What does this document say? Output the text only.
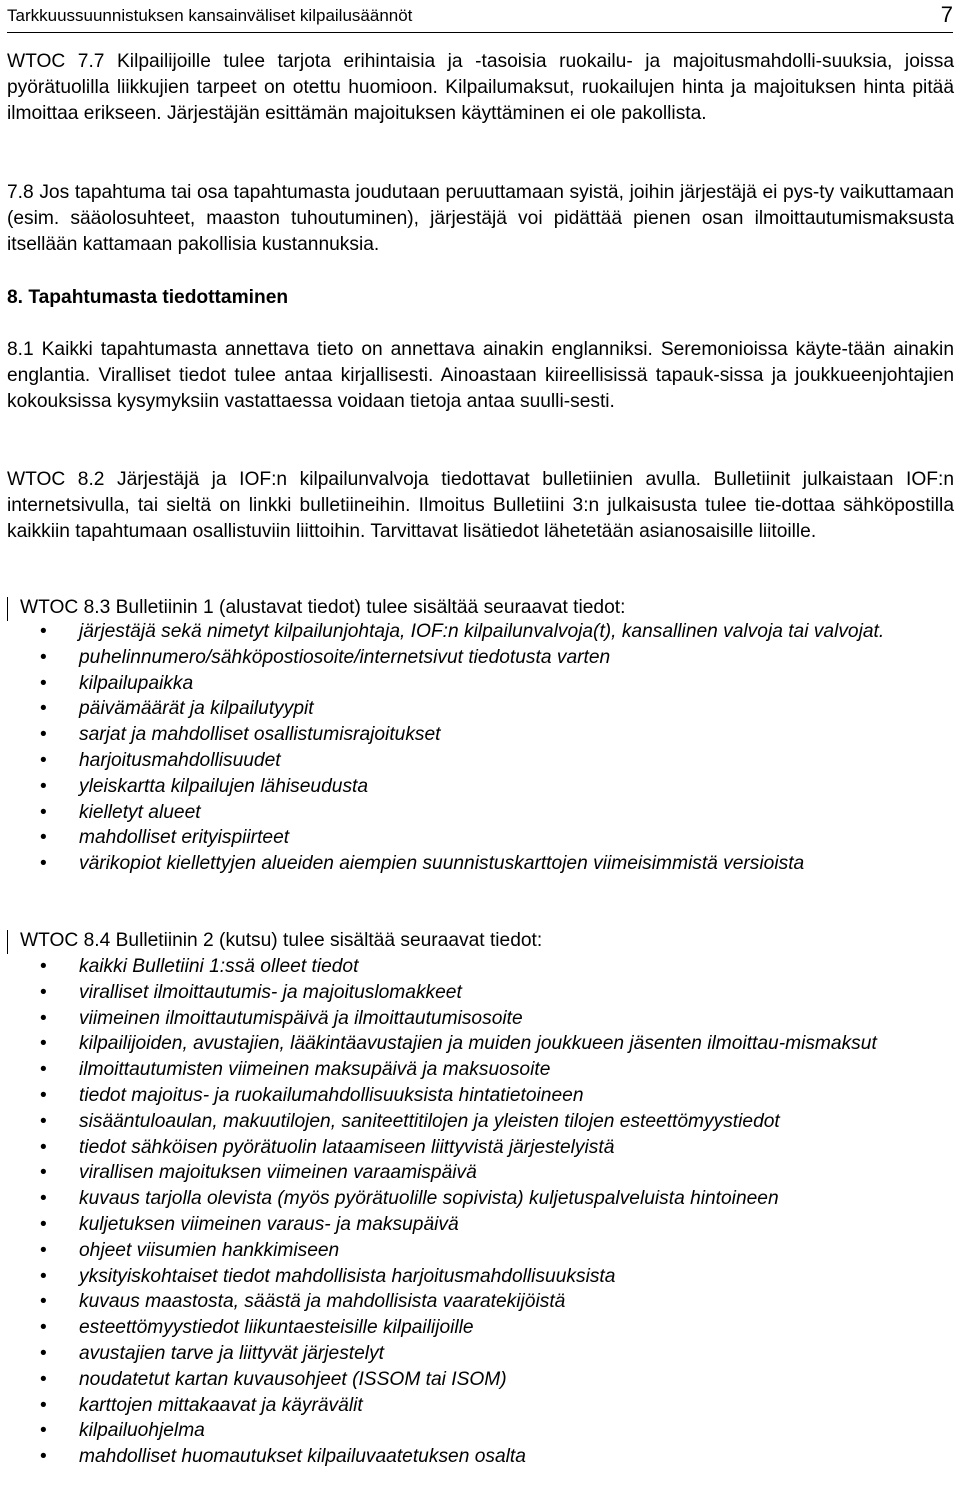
Tarkkuussuunnistuksen kansainväliset kilpailusäännöt	7

WTOC 7.7 Kilpailijoille tulee tarjota erihintaisia ja -tasoisia ruokailu- ja majoitusmahdolli-suuksia, joissa pyörätuolilla liikkujien tarpeet on otettu huomioon. Kilpailumaksut, ruokailujen hinta ja majoituksen hinta pitää ilmoittaa erikseen. Järjestäjän esittämän majoituksen käyttäminen ei ole pakollista.

7.8 Jos tapahtuma tai osa tapahtumasta joudutaan peruuttamaan syistä, joihin järjestäjä ei pys-ty vaikuttamaan (esim. sääolosuhteet, maaston tuhoutuminen), järjestäjä voi pidättää pienen osan ilmoittautumismaksusta itsellään kattamaan pakollisia kustannuksia.

8. Tapahtumasta tiedottaminen

8.1 Kaikki tapahtumasta annettava tieto on annettava ainakin englanniksi. Seremonioissa käyte-tään ainakin englantia. Viralliset tiedot tulee antaa kirjallisesti. Ainoastaan kiireellisissä tapauk-sissa ja joukkueenjohtajien kokouksissa kysymyksiin vastattaessa voidaan tietoja antaa suulli-sesti.

WTOC 8.2 Järjestäjä ja IOF:n kilpailunvalvoja tiedottavat bulletiinien avulla. Bulletiinit julkaistaan IOF:n internetsivulla, tai sieltä on linkki bulletiineihin. Ilmoitus Bulletiini 3:n julkaisusta tulee tie-dottaa sähköpostilla kaikkiin tapahtumaan osallistuviin liittoihin. Tarvittavat lisätiedot lähetetään asianosaisille liitoille.

WTOC 8.3 Bulletiinin 1 (alustavat tiedot) tulee sisältää seuraavat tiedot:

• järjestäjä sekä nimetyt kilpailunjohtaja, IOF:n kilpailunvalvoja(t), kansallinen valvoja tai valvojat.
• puhelinnumero/sähköpostiosoite/internetsivut tiedotusta varten
• kilpailupaikka
• päivämäärät ja kilpailutyypit
• sarjat ja mahdolliset osallistumisrajoitukset
• harjoitusmahdollisuudet
• yleiskartta kilpailujen lähiseudusta
• kielletyt alueet
• mahdolliset erityispiirteet
• värikopiot kiellettyjen alueiden aiempien suunnistuskarttojen viimeisimmistä versioista

WTOC 8.4 Bulletiinin 2 (kutsu) tulee sisältää seuraavat tiedot:

• kaikki Bulletiini 1:ssä olleet tiedot
• viralliset ilmoittautumis- ja majoituslomakkeet
• viimeinen ilmoittautumispäivä ja ilmoittautumisosoite
• kilpailijoiden, avustajien, lääkintäavustajien ja muiden joukkueen jäsenten ilmoittau-mismaksut
• ilmoittautumisten viimeinen maksupäivä ja maksuosoite
• tiedot majoitus- ja ruokailumahdollisuuksista hintatietoineen
• sisääntuloaulan, makuutilojen, saniteettitilojen ja yleisten tilojen esteettömyystiedot
• tiedot sähköisen pyörätuolin lataamiseen liittyvistä järjestelyistä
• virallisen majoituksen viimeinen varaamispäivä
• kuvaus tarjolla olevista (myös pyörätuolille sopivista) kuljetuspalveluista hintoineen
• kuljetuksen viimeinen varaus- ja maksupäivä
• ohjeet viisumien hankkimiseen
• yksityiskohtaiset tiedot mahdollisista harjoitusmahdollisuuksista
• kuvaus maastosta, säästä ja mahdollisista vaaratekijöistä
• esteettömyystiedot liikuntaesteisille kilpailijoille
• avustajien tarve ja liittyvät järjestelyt
• noudatetut kartan kuvausohjeet (ISSOM tai ISOM)
• karttojen mittakaavat ja käyrävälit
• kilpailuohjelma
• mahdolliset huomautukset kilpailuvaatetuksen osalta
